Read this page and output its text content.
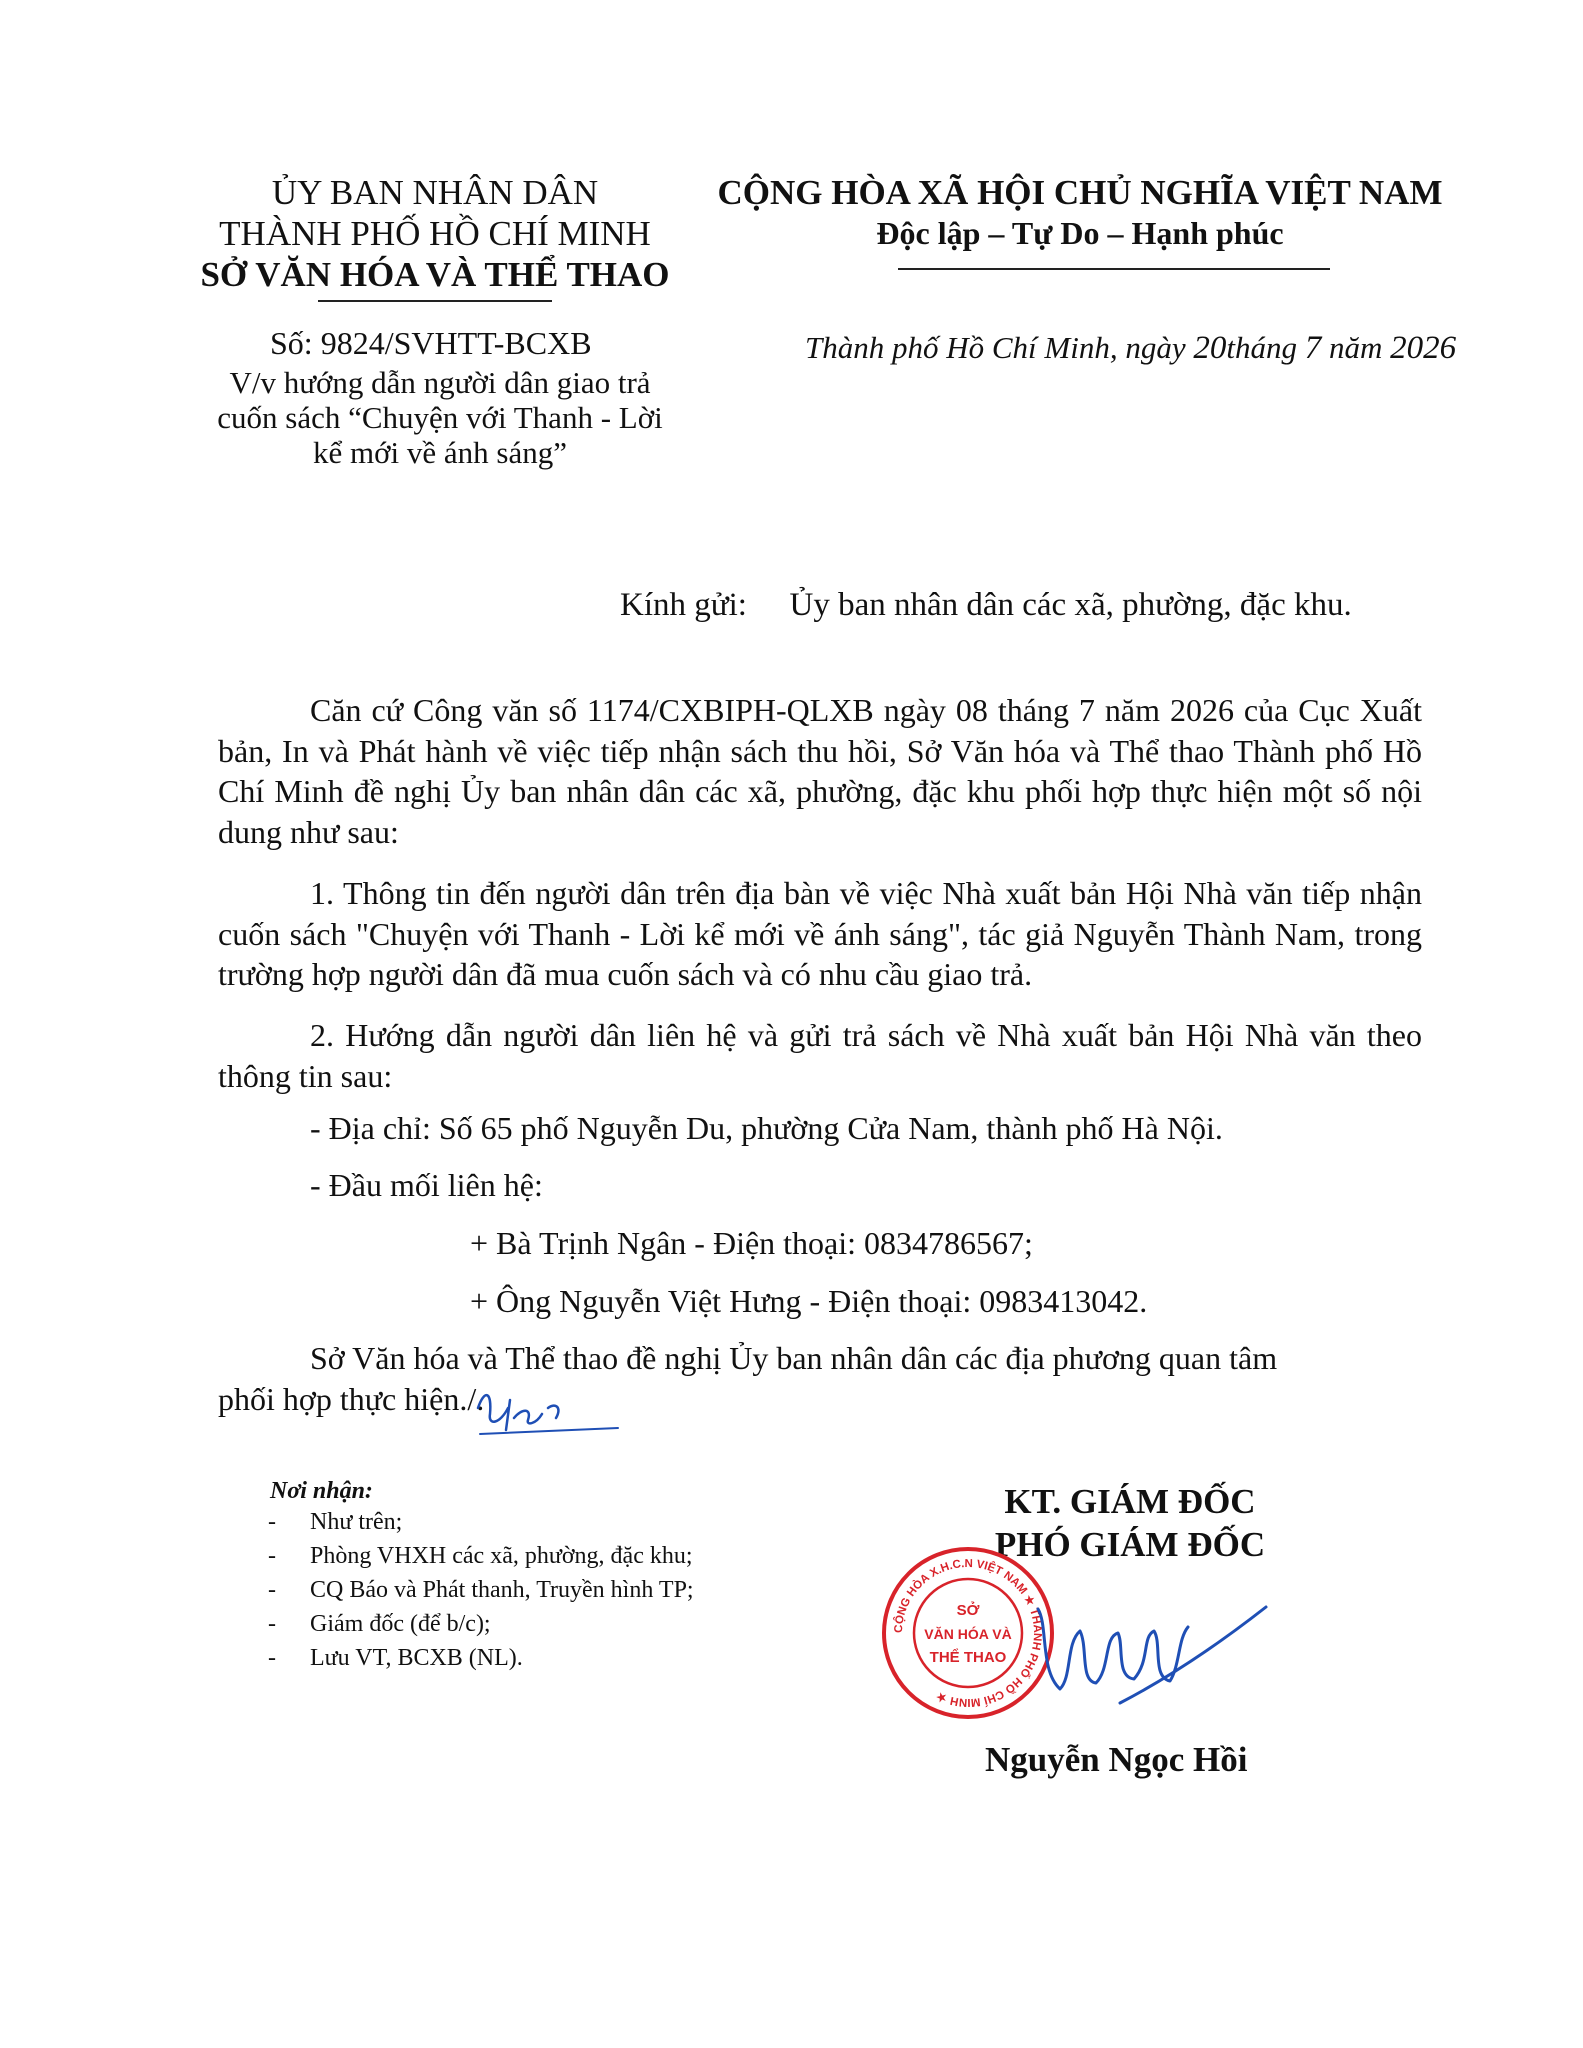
ỦY BAN NHÂN DÂN
THÀNH PHỐ HỒ CHÍ MINH
SỞ VĂN HÓA VÀ THỂ THAO
CỘNG HÒA XÃ HỘI CHỦ NGHĨA VIỆT NAM
Độc lập – Tự Do – Hạnh phúc
Số: 9824/SVHTT-BCXB
V/v hướng dẫn người dân giao trả
cuốn sách “Chuyện với Thanh - Lời
kể mới về ánh sáng”
Thành phố Hồ Chí Minh, ngày 20tháng 7 năm 2026
Kính gửi: Ủy ban nhân dân các xã, phường, đặc khu.
Căn cứ Công văn số 1174/CXBIPH-QLXB ngày 08 tháng 7 năm 2026 của Cục Xuất bản, In và Phát hành về việc tiếp nhận sách thu hồi, Sở Văn hóa và Thể thao Thành phố Hồ Chí Minh đề nghị Ủy ban nhân dân các xã, phường, đặc khu phối hợp thực hiện một số nội dung như sau:
1. Thông tin đến người dân trên địa bàn về việc Nhà xuất bản Hội Nhà văn tiếp nhận cuốn sách "Chuyện với Thanh - Lời kể mới về ánh sáng", tác giả Nguyễn Thành Nam, trong trường hợp người dân đã mua cuốn sách và có nhu cầu giao trả.
2. Hướng dẫn người dân liên hệ và gửi trả sách về Nhà xuất bản Hội Nhà văn theo thông tin sau:
- Địa chỉ: Số 65 phố Nguyễn Du, phường Cửa Nam, thành phố Hà Nội.
- Đầu mối liên hệ:
+ Bà Trịnh Ngân - Điện thoại: 0834786567;
+ Ông Nguyễn Việt Hưng - Điện thoại: 0983413042.
Sở Văn hóa và Thể thao đề nghị Ủy ban nhân dân các địa phương quan tâm
phối hợp thực hiện./.
Nơi nhận:
- Như trên;
- Phòng VHXH các xã, phường, đặc khu;
- CQ Báo và Phát thanh, Truyền hình TP;
- Giám đốc (để b/c);
- Lưu VT, BCXB (NL).
KT. GIÁM ĐỐC
PHÓ GIÁM ĐỐC
CỘNG HÒA X.H.C.N VIỆT NAM ★ THÀNH PHỐ HỒ CHÍ MINH ★
SỞ
VĂN HÓA VÀ
THỂ THAO
Nguyễn Ngọc Hồi
